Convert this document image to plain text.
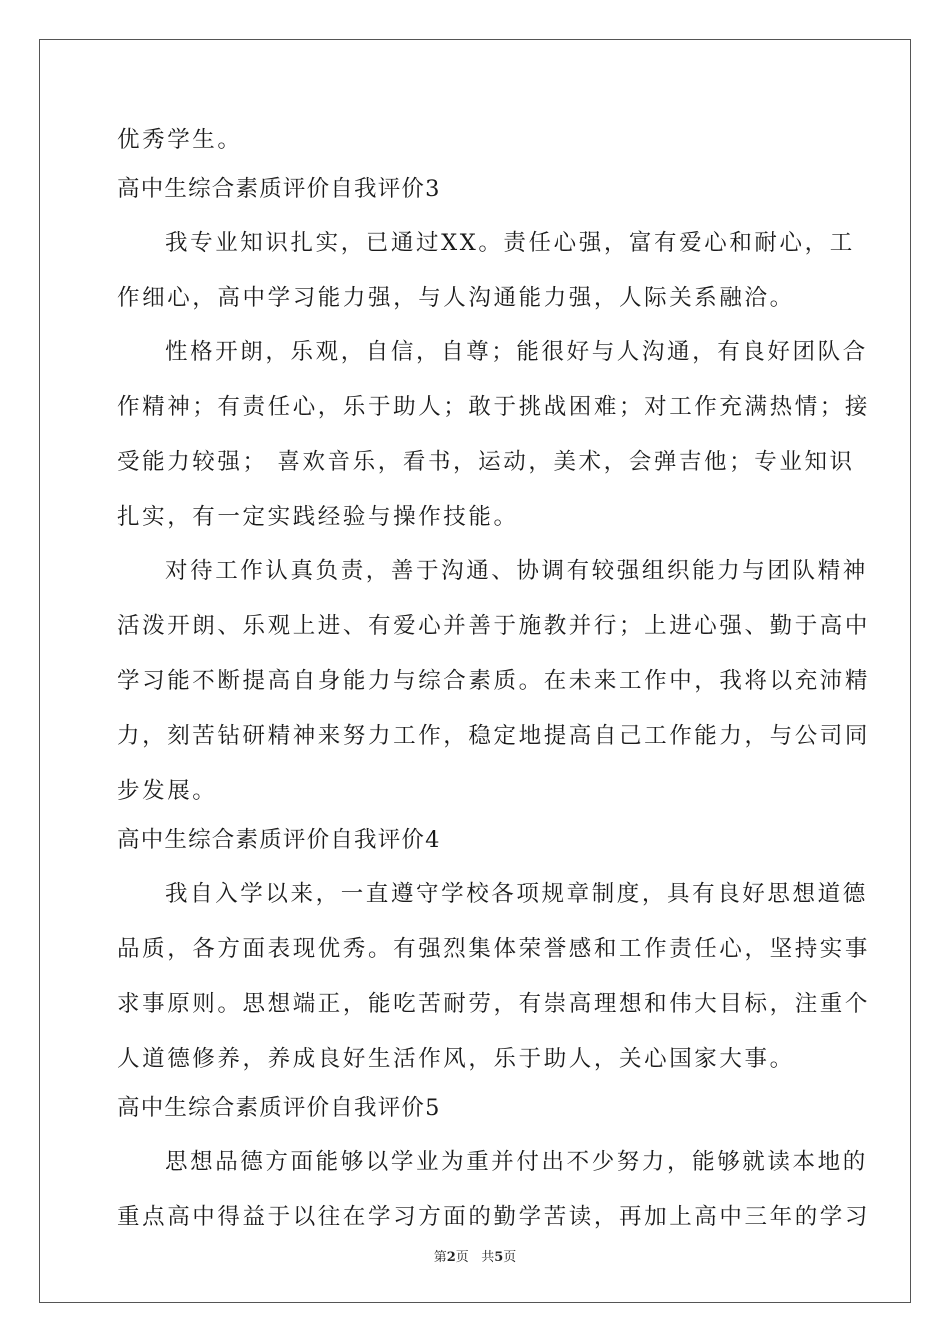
优秀学生。

高中生综合素质评价自我评价3

我专业知识扎实，已通过XX。责任心强，富有爱心和耐心，工

作细心，高中学习能力强，与人沟通能力强，人际关系融洽。

性格开朗，乐观，自信，自尊；能很好与人沟通，有良好团队合

作精神；有责任心，乐于助人；敢于挑战困难；对工作充满热情；接

受能力较强； 喜欢音乐，看书，运动，美术，会弹吉他；专业知识

扎实，有一定实践经验与操作技能。

对待工作认真负责，善于沟通、协调有较强组织能力与团队精神

活泼开朗、乐观上进、有爱心并善于施教并行；上进心强、勤于高中

学习能不断提高自身能力与综合素质。在未来工作中，我将以充沛精

力，刻苦钻研精神来努力工作，稳定地提高自己工作能力，与公司同

步发展。

高中生综合素质评价自我评价4

我自入学以来，一直遵守学校各项规章制度，具有良好思想道德

品质，各方面表现优秀。有强烈集体荣誉感和工作责任心，坚持实事

求事原则。思想端正，能吃苦耐劳，有崇高理想和伟大目标，注重个

人道德修养，养成良好生活作风，乐于助人，关心国家大事。

高中生综合素质评价自我评价5

思想品德方面能够以学业为重并付出不少努力，能够就读本地的

重点高中得益于以往在学习方面的勤学苦读，再加上高中三年的学习

第2页 共5页
